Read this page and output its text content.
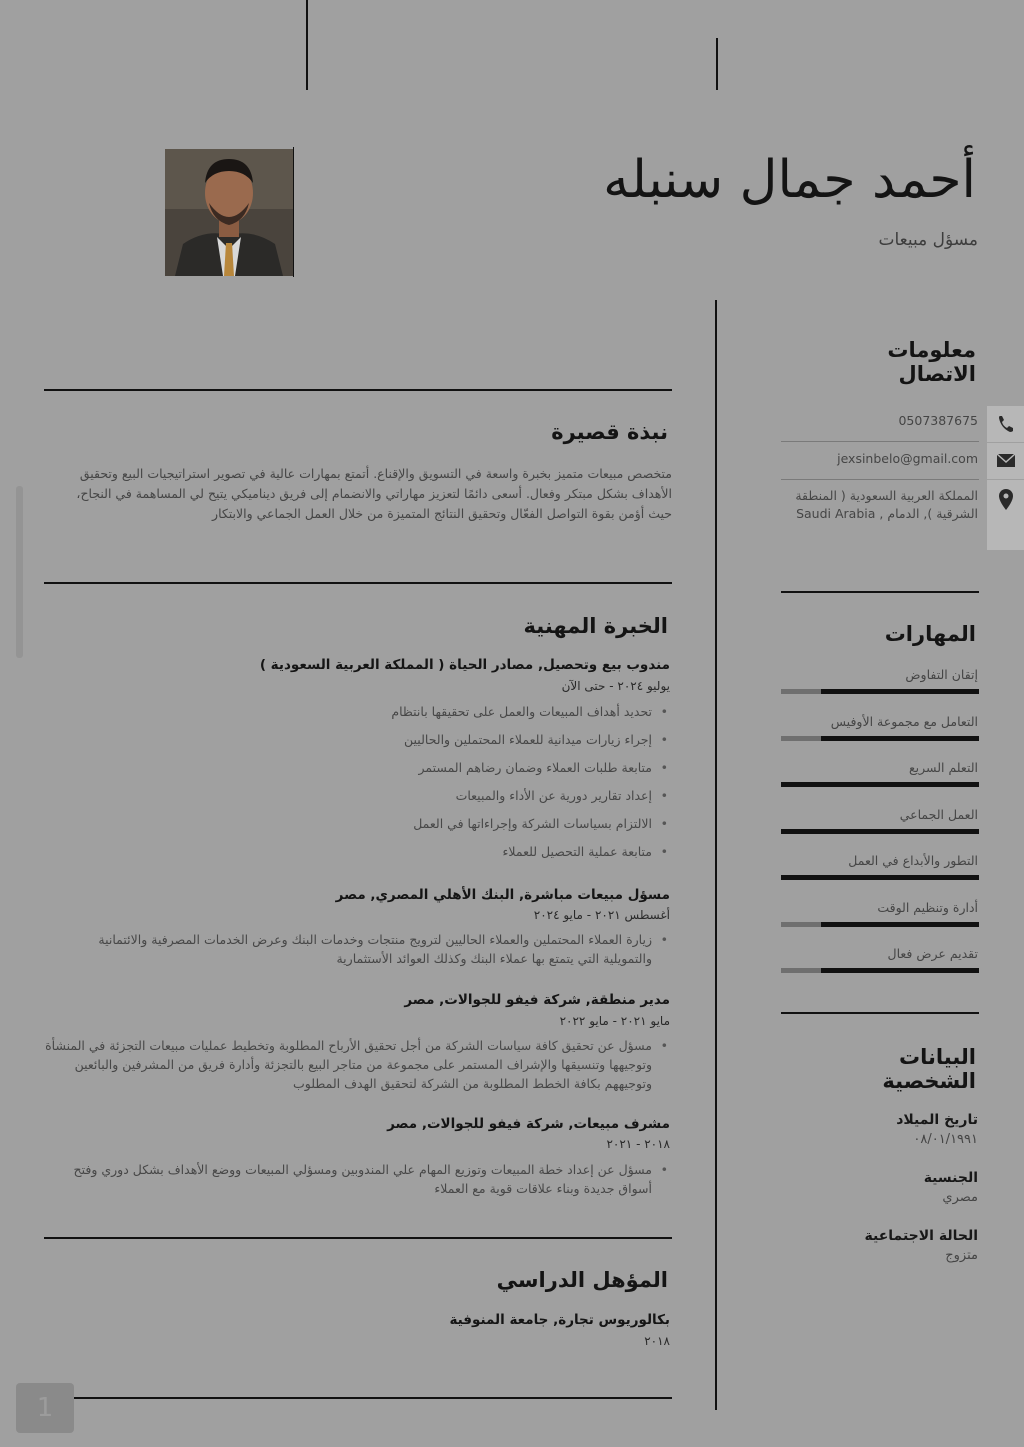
أحمد جمال سنبله
مسؤل مبيعات
نبذة قصيرة
متخصص مبيعات متميز بخبرة واسعة في التسويق والإقناع. أتمتع بمهارات عالية في تصوير استراتيجيات البيع وتحقيق الأهداف بشكل مبتكر وفعال. أسعى دائمًا لتعزيز مهاراتي والانضمام إلى فريق ديناميكي يتيح لي المساهمة في النجاح، حيث أؤمن بقوة التواصل الفعّال وتحقيق النتائج المتميزة من خلال العمل الجماعي والابتكار
الخبرة المهنية
مندوب بيع وتحصيل, مصادر الحياة ( المملكة العربية السعودية )
يوليو ٢٠٢٤ - حتى الآن
• تحديد أهداف المبيعات والعمل على تحقيقها بانتظام
• إجراء زيارات ميدانية للعملاء المحتملين والحاليين
• متابعة طلبات العملاء وضمان رضاهم المستمر
• إعداد تقارير دورية عن الأداء والمبيعات
• الالتزام بسياسات الشركة وإجراءاتها في العمل
• متابعة عملية التحصيل للعملاء
مسؤل مبيعات مباشرة, البنك الأهلي المصري, مصر
أغسطس ٢٠٢١ - مايو ٢٠٢٤
• زيارة العملاء المحتملين والعملاء الحاليين لترويج منتجات وخدمات البنك وعرض الخدمات المصرفية والائتمانية والتمويلية التي يتمتع بها عملاء البنك وكذلك العوائد الأستثمارية
مدير منطقة, شركة فيفو للجوالات, مصر
مايو ٢٠٢١ - مايو ٢٠٢٢
• مسؤل عن تحقيق كافة سياسات الشركة من أجل تحقيق الأرباح المطلوبة وتخطيط عمليات مبيعات التجزئة في المنشأة وتوجيهها وتنسيقها والإشراف المستمر على مجموعة من متاجر البيع بالتجزئة وأدارة فريق من المشرفين والبائعين وتوجيههم بكافة الخطط المطلوبة من الشركة لتحقيق الهدف المطلوب
مشرف مبيعات, شركة فيفو للجوالات, مصر
٢٠١٨ - ٢٠٢١
• مسؤل عن إعداد خطة المبيعات وتوزيع المهام علي المندوبين ومسؤلي المبيعات ووضع الأهداف بشكل دوري وفتح أسواق جديدة وبناء علاقات قوية مع العملاء
المؤهل الدراسي
بكالوريوس تجارة, جامعة المنوفية
٢٠١٨
معلومات الاتصال
0507387675
jexsinbelo@gmail.com
المملكة العربية السعودية ( المنطقة الشرقية ), الدمام , Saudi Arabia
المهارات
إتقان التفاوض
التعامل مع مجموعة الأوفيس
التعلم السريع
العمل الجماعي
التطور والأبداع في العمل
أدارة وتنظيم الوقت
تقديم عرض فعال
البيانات الشخصية
تاريخ الميلاد
٠٨/٠١/١٩٩١
الجنسية
مصري
الحالة الاجتماعية
متزوج
1
